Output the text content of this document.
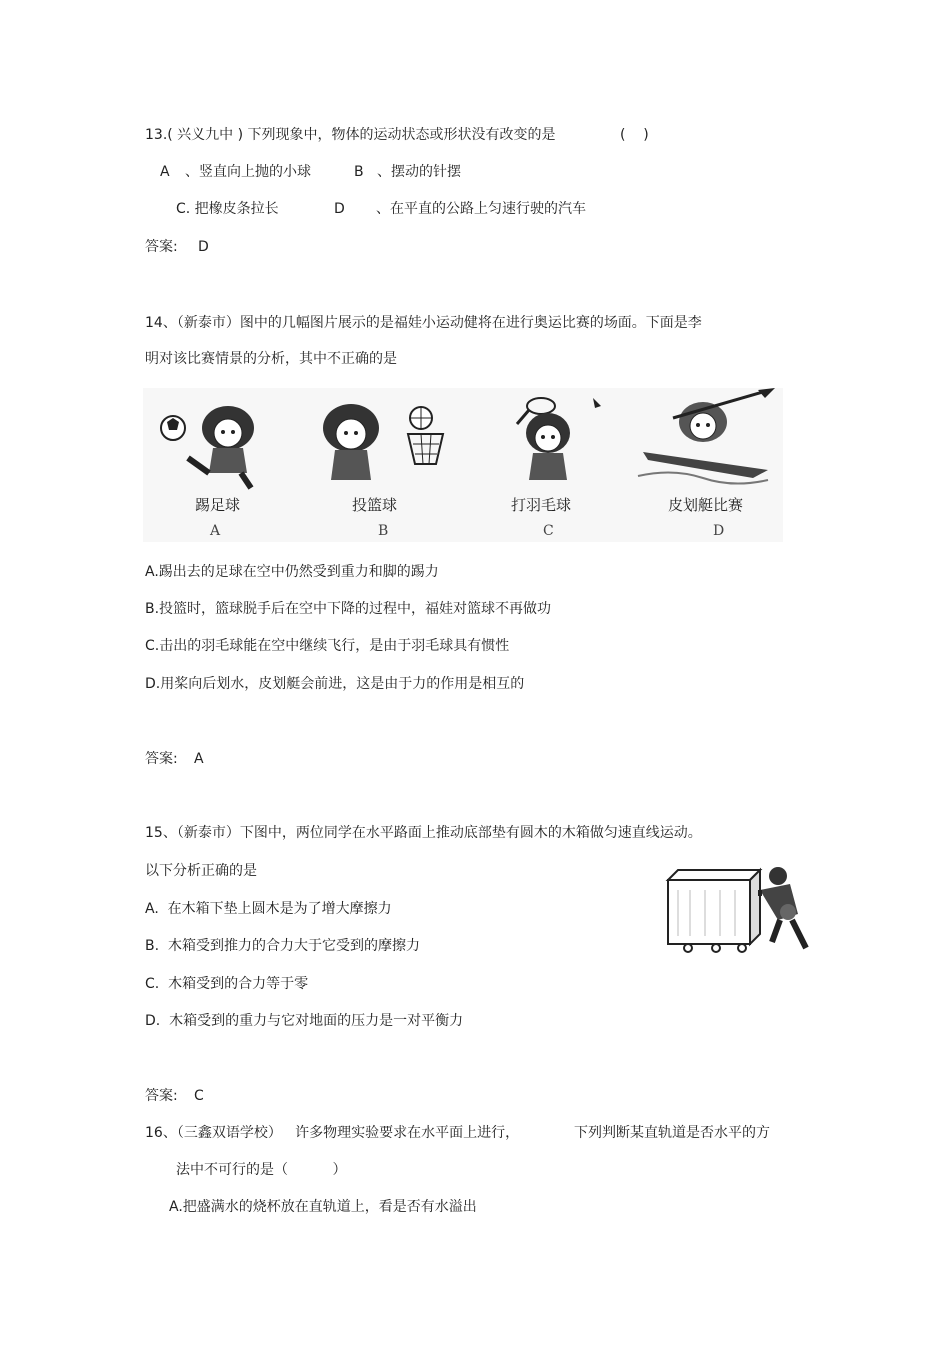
13.( 兴义九中 ) 下列现象中，物体的运动状态或形状没有改变的是	(    )
A 、竖直向上抛的小球	B 、摆动的针摆
C. 把橡皮条拉长	D 、在平直的公路上匀速行驶的汽车
答案: D
14、（新泰市）图中的几幅图片展示的是福娃小运动健将在进行奥运比赛的场面。下面是李
明对该比赛情景的分析，其中不正确的是
踢足球
A
投篮球
B
打羽毛球
C
皮划艇比赛
D
A.踢出去的足球在空中仍然受到重力和脚的踢力
B.投篮时，篮球脱手后在空中下降的过程中，福娃对篮球不再做功
C.击出的羽毛球能在空中继续飞行，是由于羽毛球具有惯性
D.用桨向后划水，皮划艇会前进，这是由于力的作用是相互的
答案: A
15、（新泰市）下图中，两位同学在水平路面上推动底部垫有圆木的木箱做匀速直线运动。
以下分析正确的是
A.  在木箱下垫上圆木是为了增大摩擦力
B.  木箱受到推力的合力大于它受到的摩擦力
C.  木箱受到的合力等于零
D.  木箱受到的重力与它对地面的压力是一对平衡力
答案: C
16、（三鑫双语学校）   许多物理实验要求在水平面上进行，	下列判断某直轨道是否水平的方
法中不可行的是（          ）
A.把盛满水的烧杯放在直轨道上，看是否有水溢出
